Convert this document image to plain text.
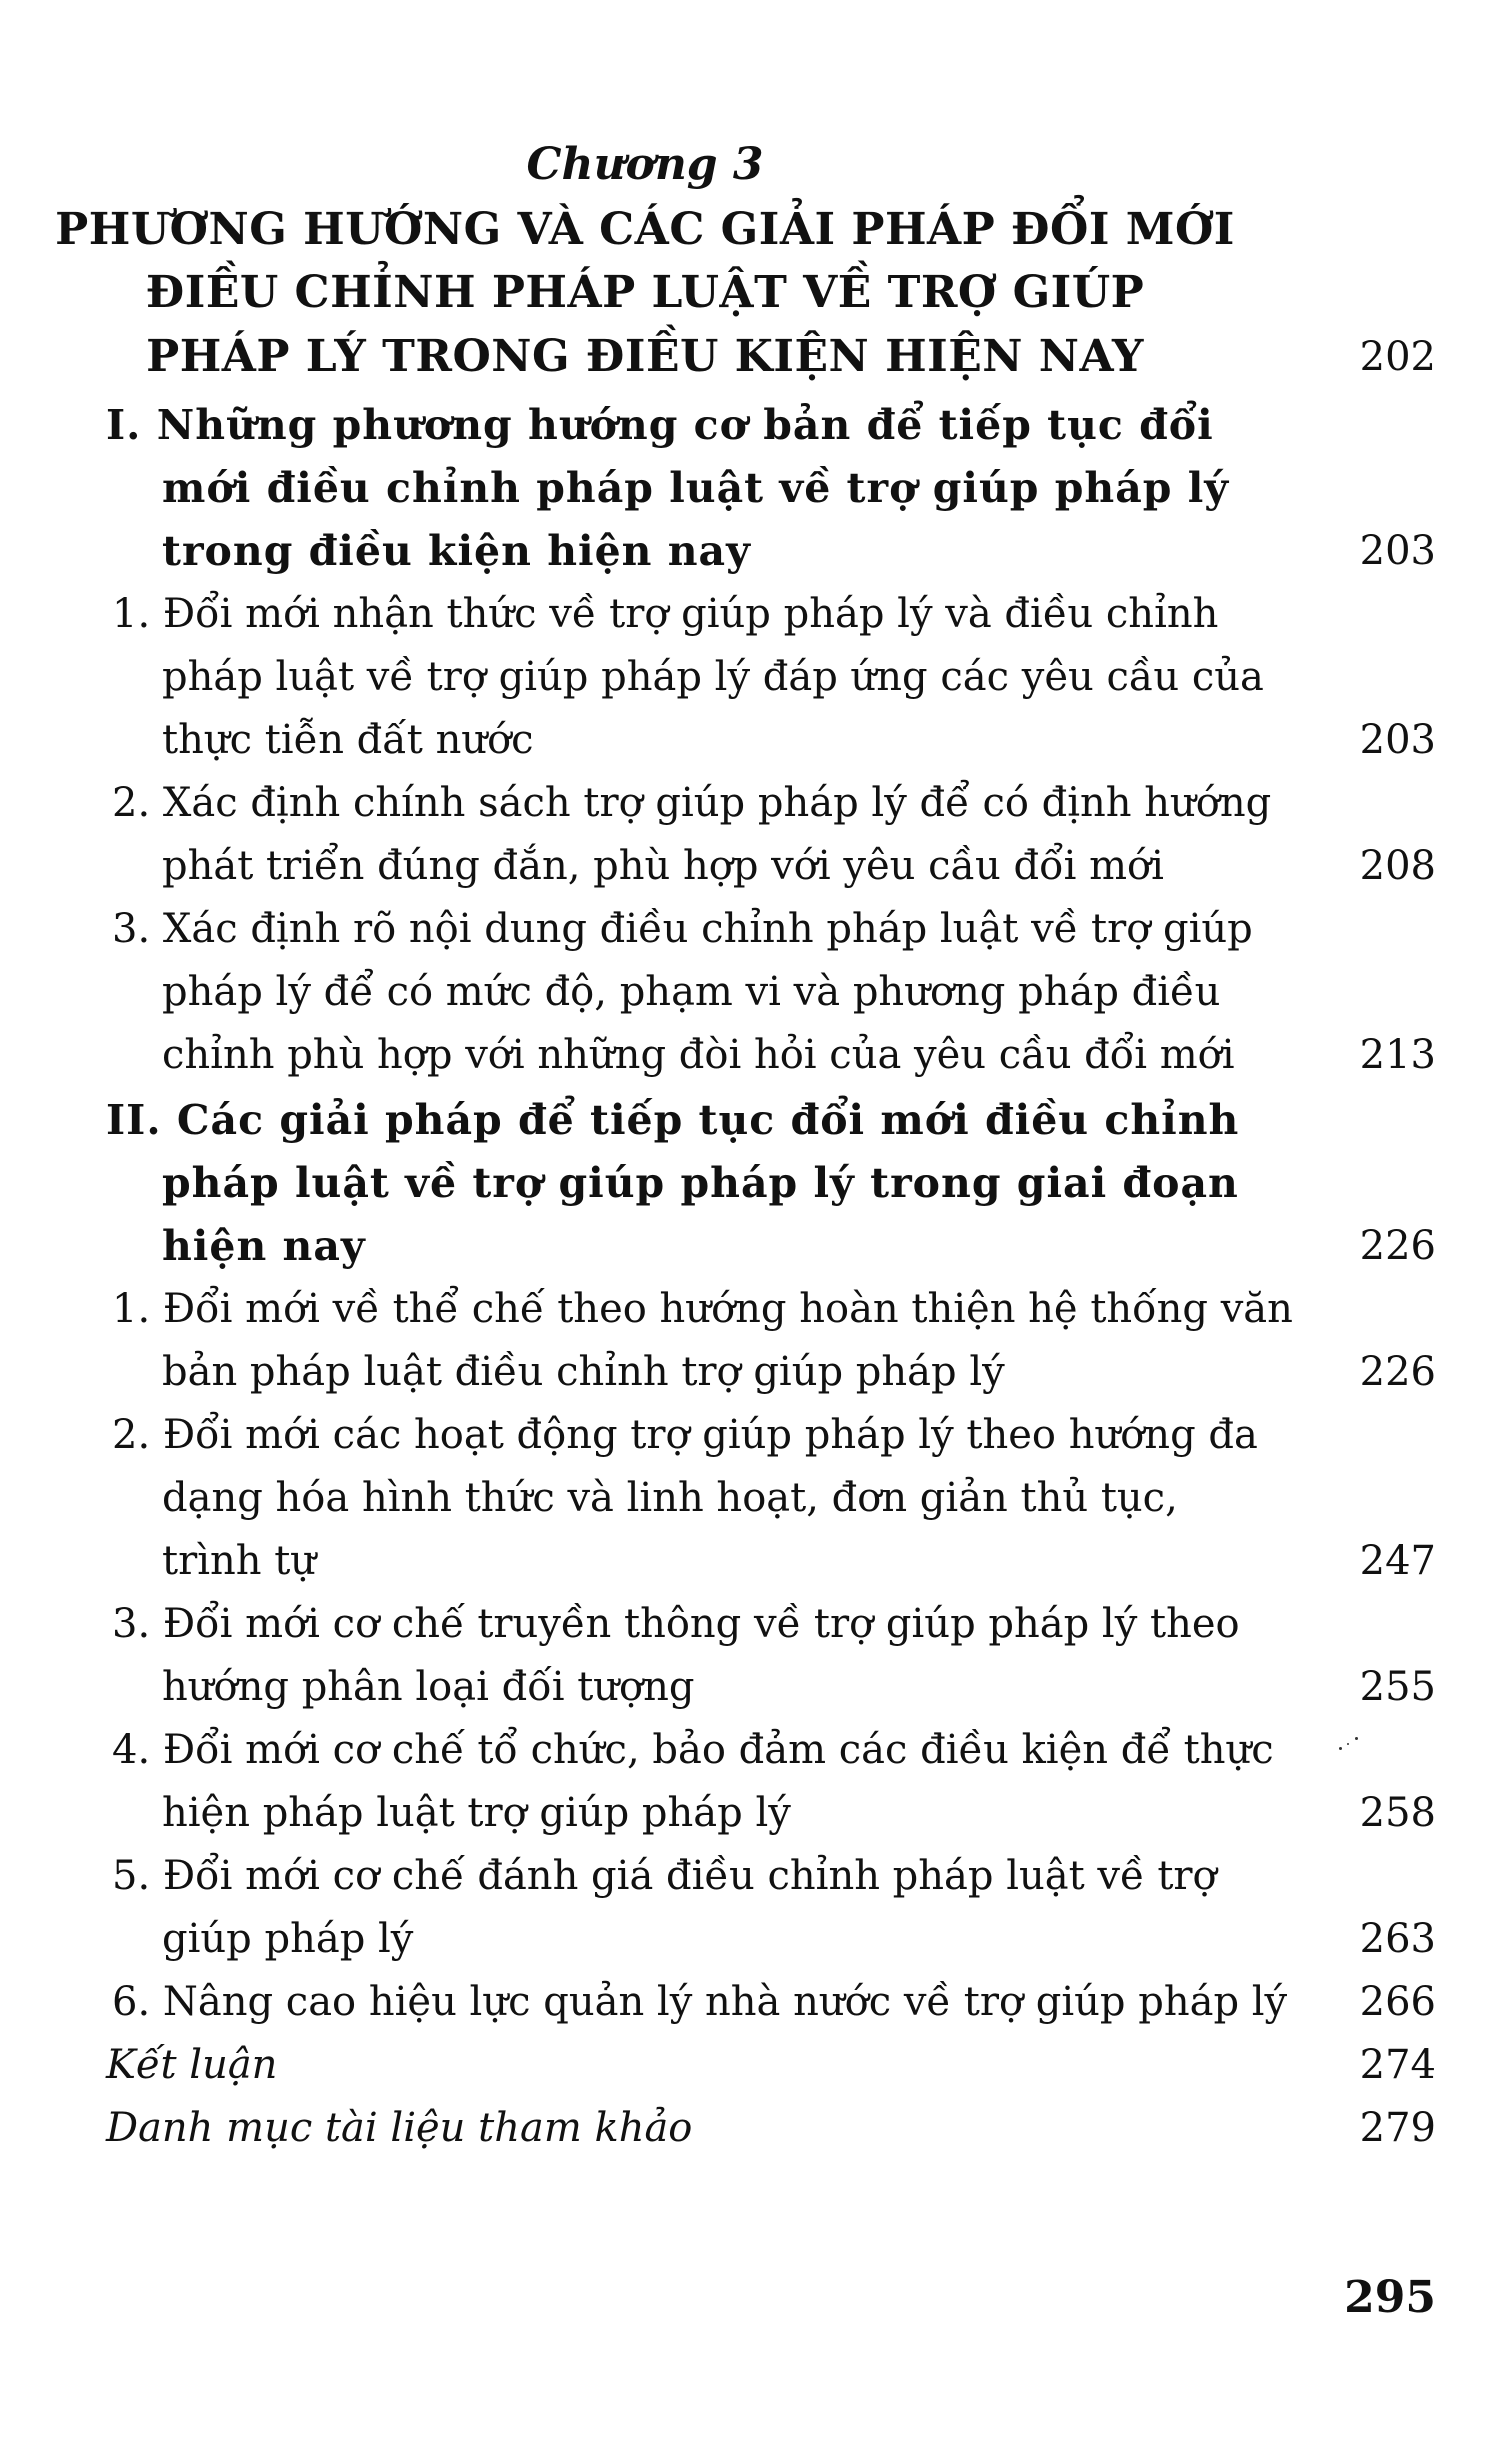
Chương 3
PHƯƠNG HƯỚNG VÀ CÁC GIẢI PHÁP ĐỔI MỚI
ĐIỀU CHỈNH PHÁP LUẬT VỀ TRỢ GIÚP
PHÁP LÝ TRONG ĐIỀU KIỆN HIỆN NAY	202
I. Những phương hướng cơ bản để tiếp tục đổi
mới điều chỉnh pháp luật về trợ giúp pháp lý
trong điều kiện hiện nay	203
1. Đổi mới nhận thức về trợ giúp pháp lý và điều chỉnh
pháp luật về trợ giúp pháp lý đáp ứng các yêu cầu của
thực tiễn đất nước	203
2. Xác định chính sách trợ giúp pháp lý để có định hướng
phát triển đúng đắn, phù hợp với yêu cầu đổi mới	208
3. Xác định rõ nội dung điều chỉnh pháp luật về trợ giúp
pháp lý để có mức độ, phạm vi và phương pháp điều
chỉnh phù hợp với những đòi hỏi của yêu cầu đổi mới	213
II. Các giải pháp để tiếp tục đổi mới điều chỉnh
pháp luật về trợ giúp pháp lý trong giai đoạn
hiện nay	226
1. Đổi mới về thể chế theo hướng hoàn thiện hệ thống văn
bản pháp luật điều chỉnh trợ giúp pháp lý	226
2. Đổi mới các hoạt động trợ giúp pháp lý theo hướng đa
dạng hóa hình thức và linh hoạt, đơn giản thủ tục,
trình tự	247
3. Đổi mới cơ chế truyền thông về trợ giúp pháp lý theo
hướng phân loại đối tượng	255
4. Đổi mới cơ chế tổ chức, bảo đảm các điều kiện để thực
hiện pháp luật trợ giúp pháp lý	258
5. Đổi mới cơ chế đánh giá điều chỉnh pháp luật về trợ
giúp pháp lý	263
6. Nâng cao hiệu lực quản lý nhà nước về trợ giúp pháp lý 266
Kết luận	274
Danh mục tài liệu tham khảo	279
295
